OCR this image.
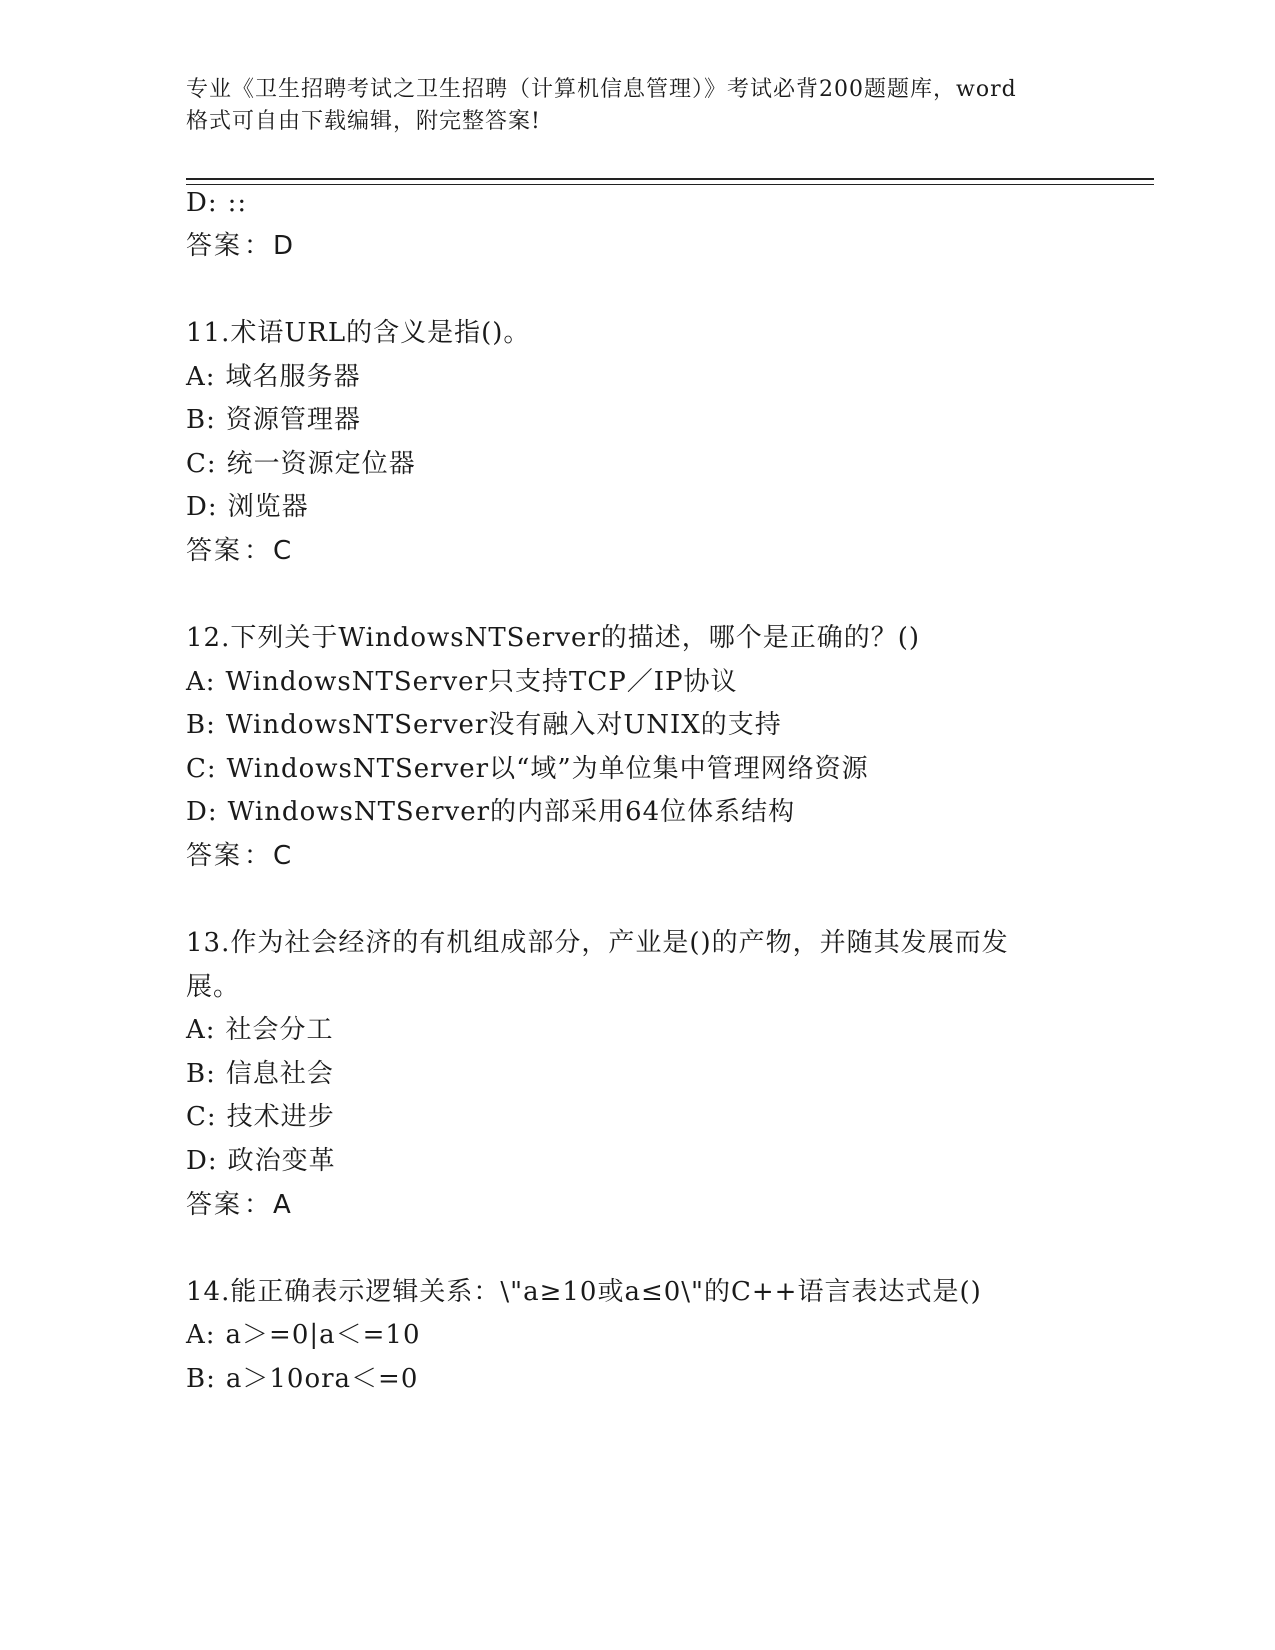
专业《卫生招聘考试之卫生招聘（计算机信息管理）》考试必背200题题库，word
格式可自由下载编辑，附完整答案!
D: ::
答案：D
11.术语URL的含义是指()。
A: 域名服务器
B: 资源管理器
C: 统一资源定位器
D: 浏览器
答案：C
12.下列关于WindowsNTServer的描述，哪个是正确的？()
A: WindowsNTServer只支持TCP／IP协议
B: WindowsNTServer没有融入对UNIX的支持
C: WindowsNTServer以“域”为单位集中管理网络资源
D: WindowsNTServer的内部采用64位体系结构
答案：C
13.作为社会经济的有机组成部分，产业是()的产物，并随其发展而发
展。
A: 社会分工
B: 信息社会
C: 技术进步
D: 政治变革
答案：A
14.能正确表示逻辑关系：\"a≥10或a≤0\"的C++语言表达式是()
A: a＞=0|a＜=10
B: a＞10ora＜=0
